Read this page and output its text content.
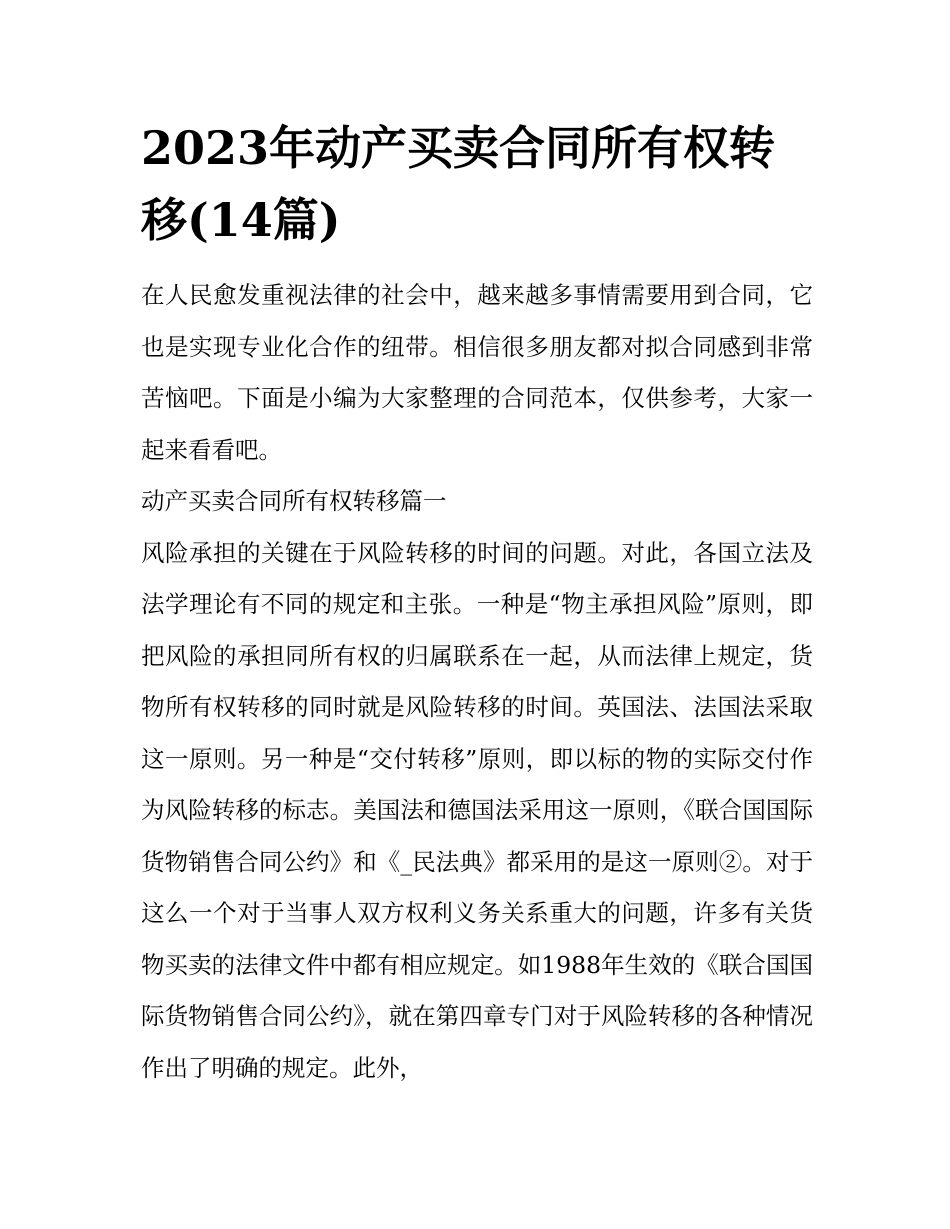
2023年动产买卖合同所有权转移(14篇)

在人民愈发重视法律的社会中，越来越多事情需要用到合同，它也是实现专业化合作的纽带。相信很多朋友都对拟合同感到非常苦恼吧。下面是小编为大家整理的合同范本，仅供参考，大家一起来看看吧。

动产买卖合同所有权转移篇一

风险承担的关键在于风险转移的时间的问题。对此，各国立法及法学理论有不同的规定和主张。一种是“物主承担风险”原则，即把风险的承担同所有权的归属联系在一起，从而法律上规定，货物所有权转移的同时就是风险转移的时间。英国法、法国法采取这一原则。另一种是“交付转移”原则，即以标的物的实际交付作为风险转移的标志。美国法和德国法采用这一原则，《联合国国际货物销售合同公约》和《_民法典》都采用的是这一原则②。对于这么一个对于当事人双方权利义务关系重大的问题，许多有关货物买卖的法律文件中都有相应规定。如1988年生效的《联合国国际货物销售合同公约》，就在第四章专门对于风险转移的各种情况作出了明确的规定。此外，
